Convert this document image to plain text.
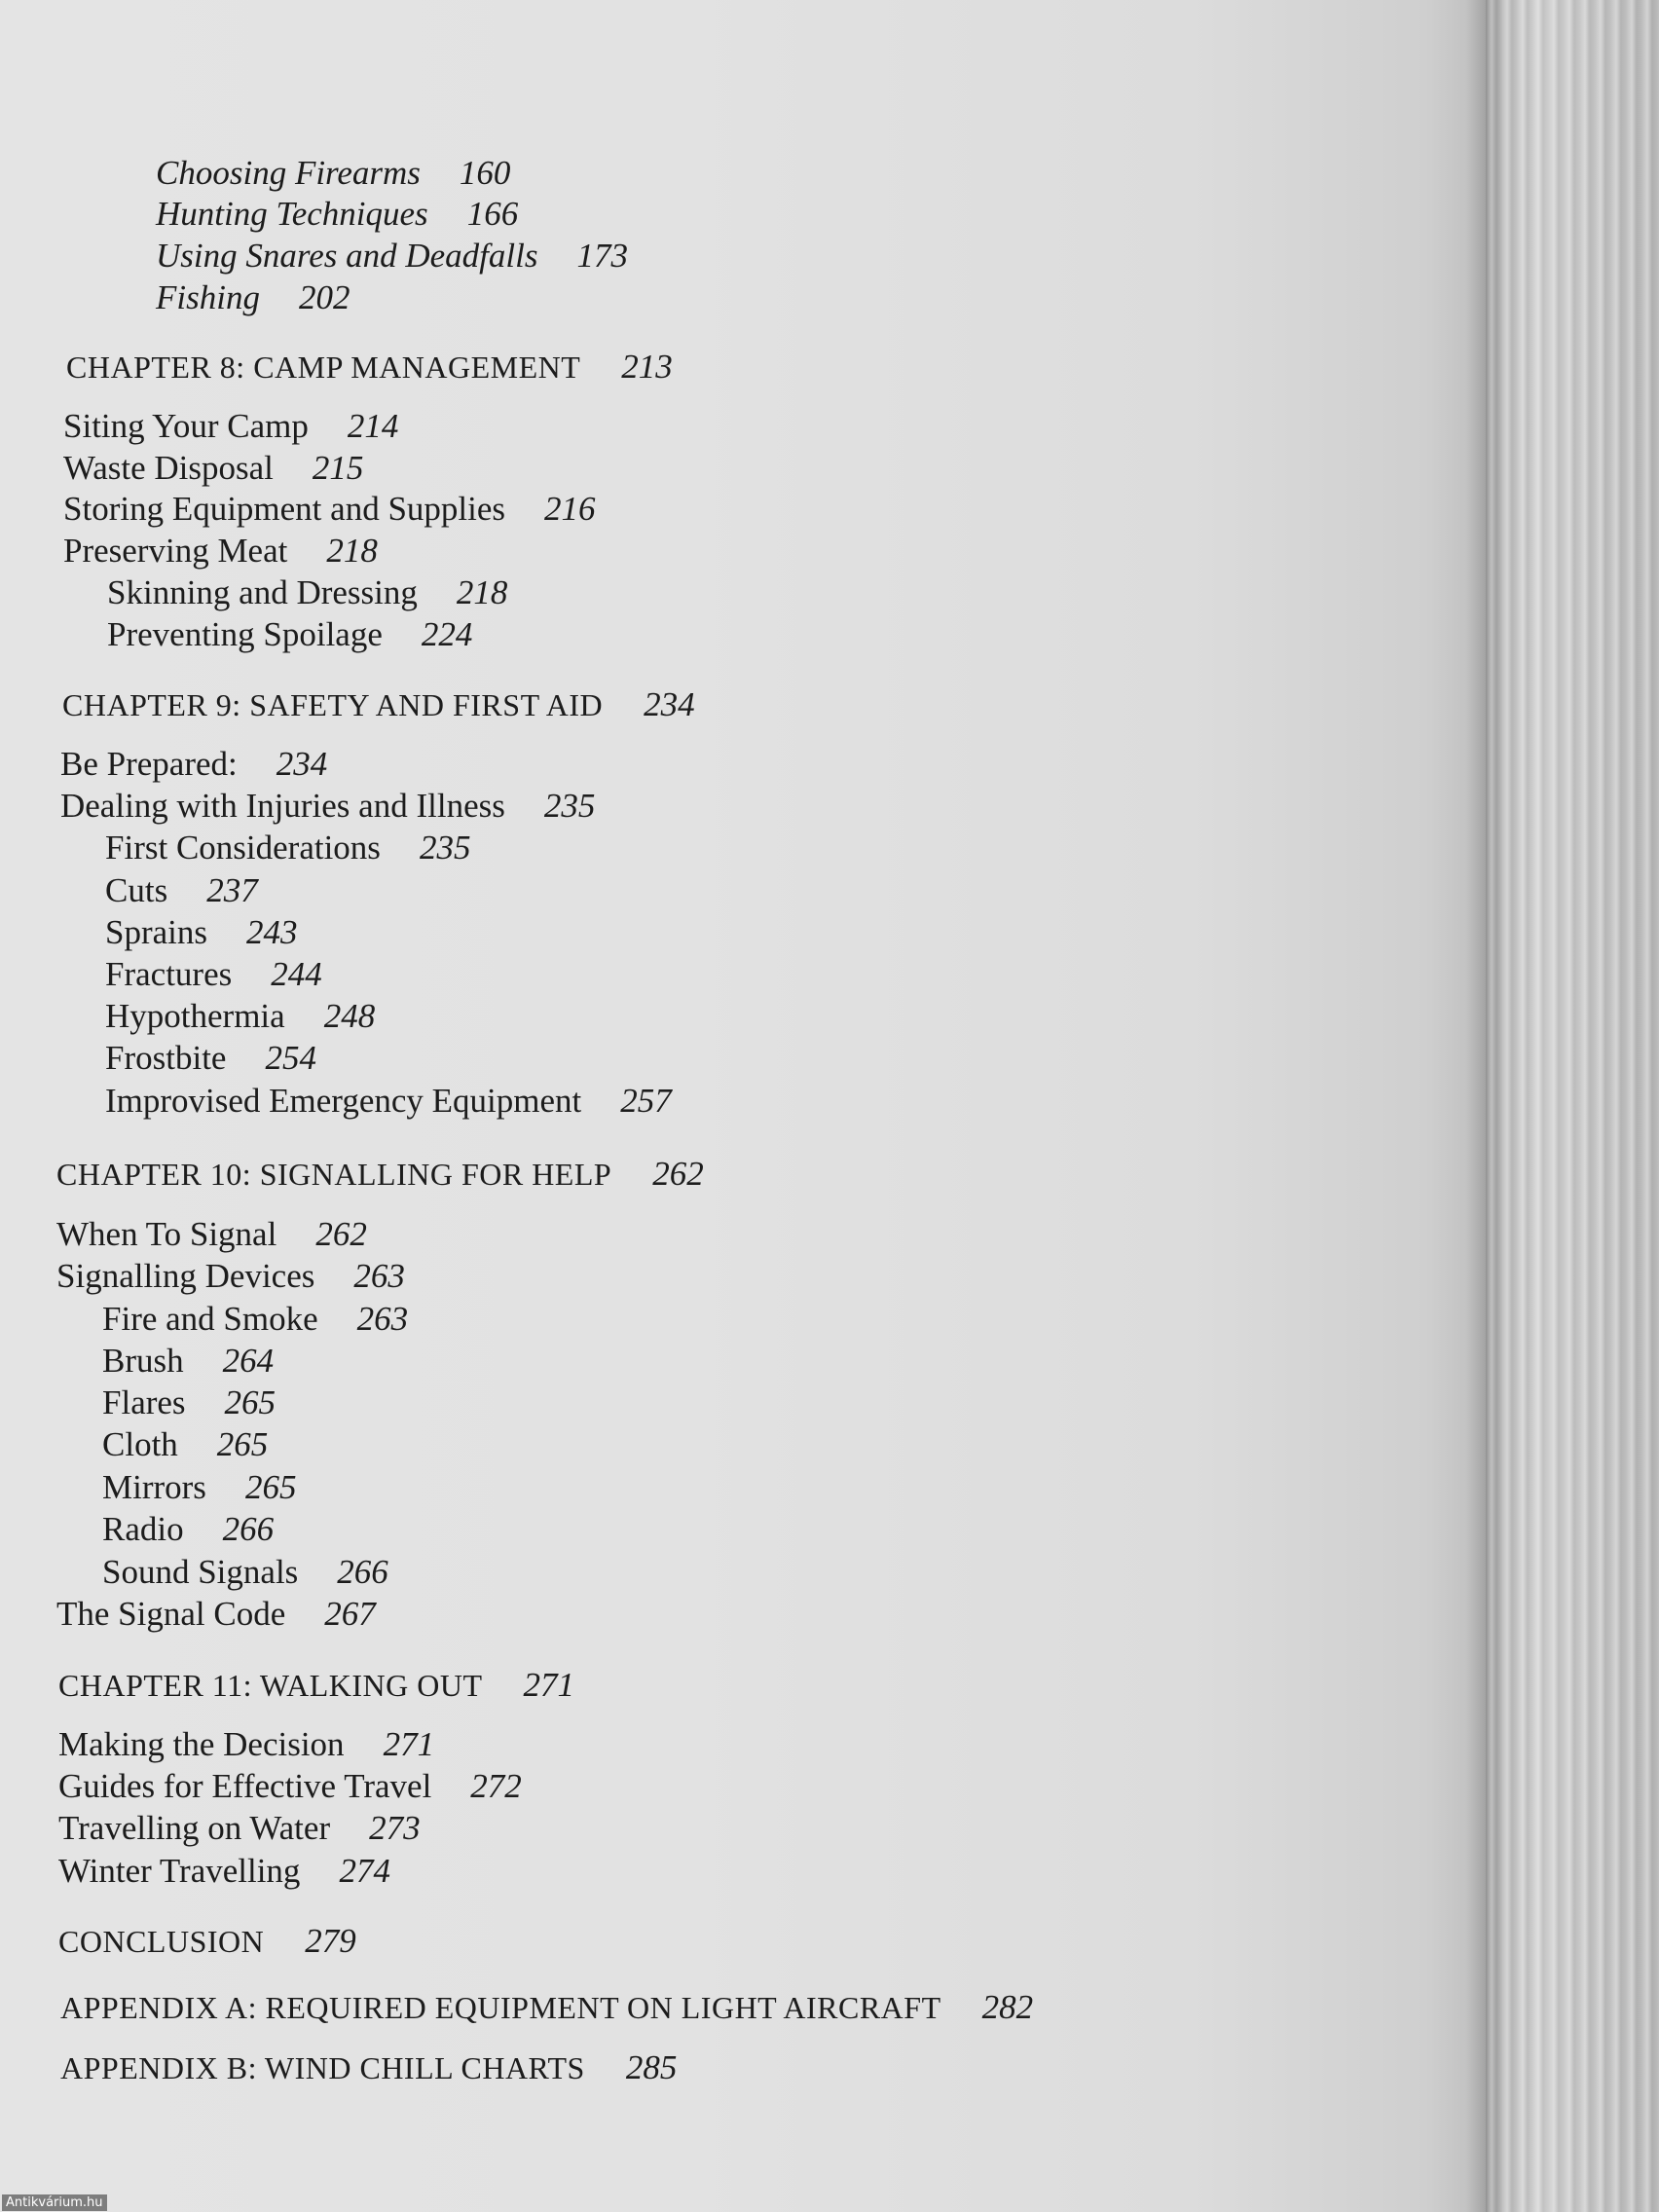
Choosing Firearms 160
Hunting Techniques 166
Using Snares and Deadfalls 173
Fishing 202
CHAPTER 8: CAMP MANAGEMENT 213
Siting Your Camp 214
Waste Disposal 215
Storing Equipment and Supplies 216
Preserving Meat 218
Skinning and Dressing 218
Preventing Spoilage 224
CHAPTER 9: SAFETY AND FIRST AID 234
Be Prepared: 234
Dealing with Injuries and Illness 235
First Considerations 235
Cuts 237
Sprains 243
Fractures 244
Hypothermia 248
Frostbite 254
Improvised Emergency Equipment 257
CHAPTER 10: SIGNALLING FOR HELP 262
When To Signal 262
Signalling Devices 263
Fire and Smoke 263
Brush 264
Flares 265
Cloth 265
Mirrors 265
Radio 266
Sound Signals 266
The Signal Code 267
CHAPTER 11: WALKING OUT 271
Making the Decision 271
Guides for Effective Travel 272
Travelling on Water 273
Winter Travelling 274
CONCLUSION 279
APPENDIX A: REQUIRED EQUIPMENT ON LIGHT AIRCRAFT 282
APPENDIX B: WIND CHILL CHARTS 285
Antikvárium.hu
